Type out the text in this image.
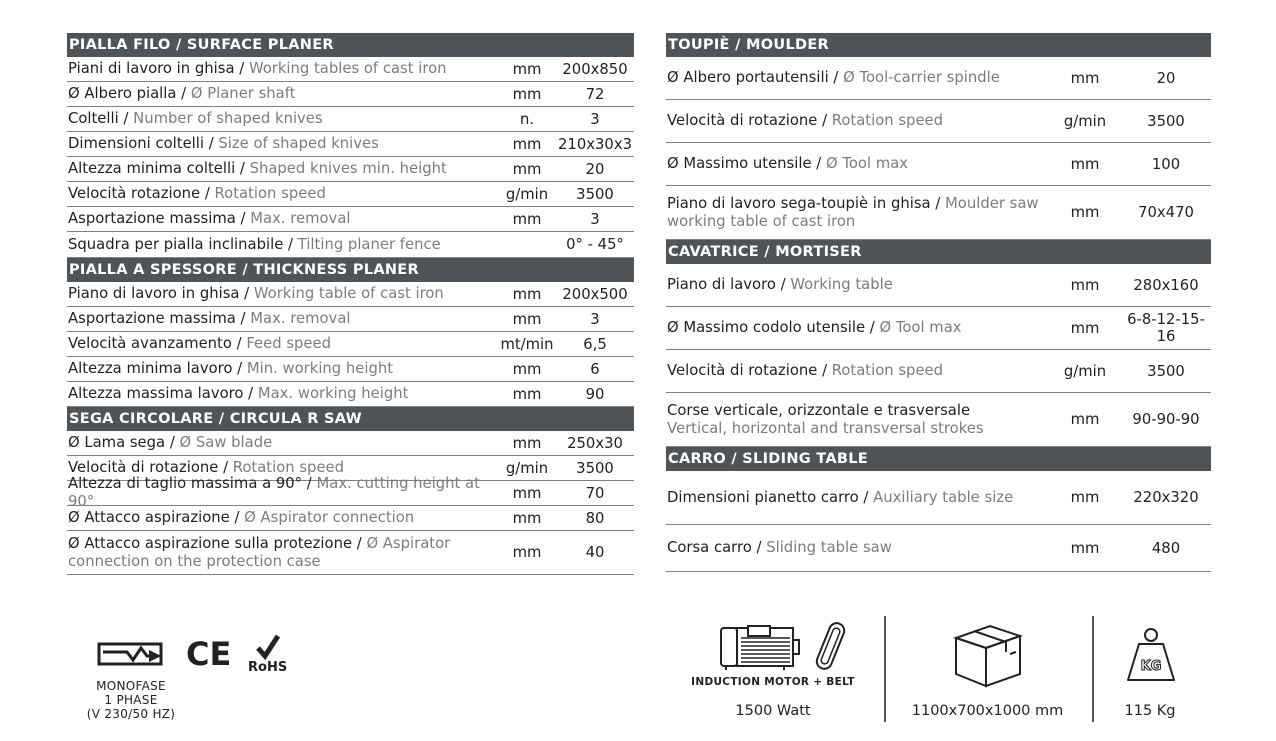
PIALLA FILO / SURFACE PLANER
Piani di lavoro in ghisa / Working tables of cast iron	mm	200x850
Ø Albero pialla / Ø Planer shaft	mm	72
Coltelli / Number of shaped knives	n.	3
Dimensioni coltelli / Size of shaped knives	mm	210x30x3
Altezza minima coltelli / Shaped knives min. height	mm	20
Velocità rotazione / Rotation speed	g/min	3500
Asportazione massima / Max. removal	mm	3
Squadra per pialla inclinabile / Tilting planer fence	0° - 45°
PIALLA A SPESSORE / THICKNESS PLANER
Piano di lavoro in ghisa / Working table of cast iron	mm	200x500
Asportazione massima / Max. removal	mm	3
Velocità avanzamento / Feed speed	mt/min	6,5
Altezza minima lavoro / Min. working height	mm	6
Altezza massima lavoro / Max. working height	mm	90
SEGA CIRCOLARE / CIRCULA R SAW
Ø Lama sega / Ø Saw blade	mm	250x30
Velocità di rotazione / Rotation speed	g/min	3500
Altezza di taglio massima a 90° / Max. cutting height at 90°	mm	70
Ø Attacco aspirazione / Ø Aspirator connection	mm	80
Ø Attacco aspirazione sulla protezione / Ø Aspirator connection on the protection case	mm	40
TOUPIÈ / MOULDER
Ø Albero portautensili / Ø Tool-carrier spindle	mm	20
Velocità di rotazione / Rotation speed	g/min	3500
Ø Massimo utensile / Ø Tool max	mm	100
Piano di lavoro sega-toupiè in ghisa / Moulder saw working table of cast iron	mm	70x470
CAVATRICE / MORTISER
Piano di lavoro / Working table	mm	280x160
Ø Massimo codolo utensile / Ø Tool max	mm	6-8-12-15-16
Velocità di rotazione / Rotation speed	g/min	3500
Corse verticale, orizzontale e trasversale
Vertical, horizontal and transversal strokes	mm	90-90-90
CARRO / SLIDING TABLE
Dimensioni pianetto carro / Auxiliary table size	mm	220x320
Corsa carro / Sliding table saw	mm	480
CE RoHS
MONOFASE
1 PHASE
(V 230/50 HZ)
INDUCTION MOTOR + BELT
1500 Watt	1100x700x1000 mm
KG
115 Kg
